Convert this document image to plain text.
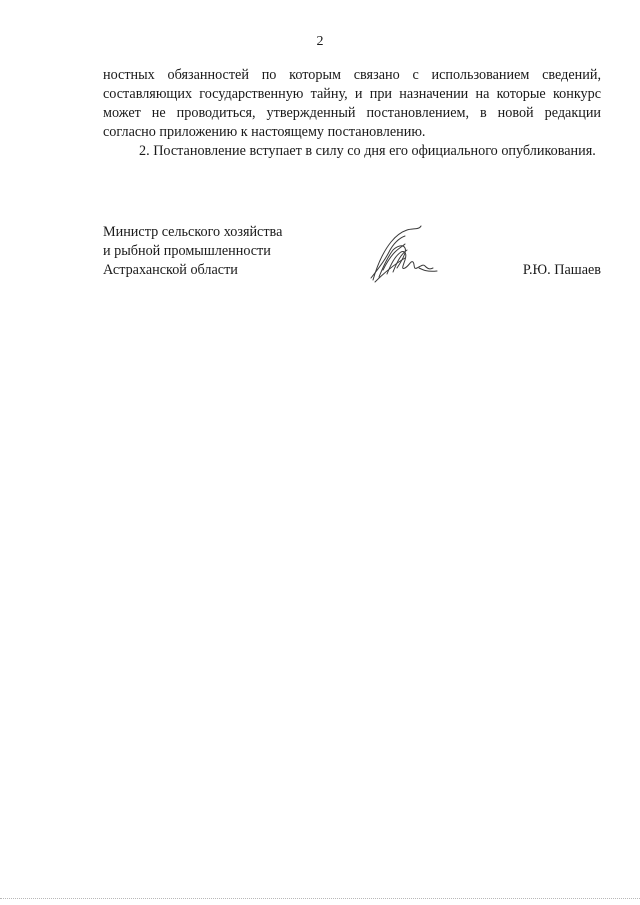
2

ностных обязанностей по которым связано с использованием сведений, составляющих государственную тайну, и при назначении на которые конкурс может не проводиться, утвержденный постановлением, в новой редакции согласно приложению к настоящему постановлению.

2. Постановление вступает в силу со дня его официального опубликования.

Министр сельского хозяйства
и рыбной промышленности
Астраханской области	Р.Ю. Пашаев
